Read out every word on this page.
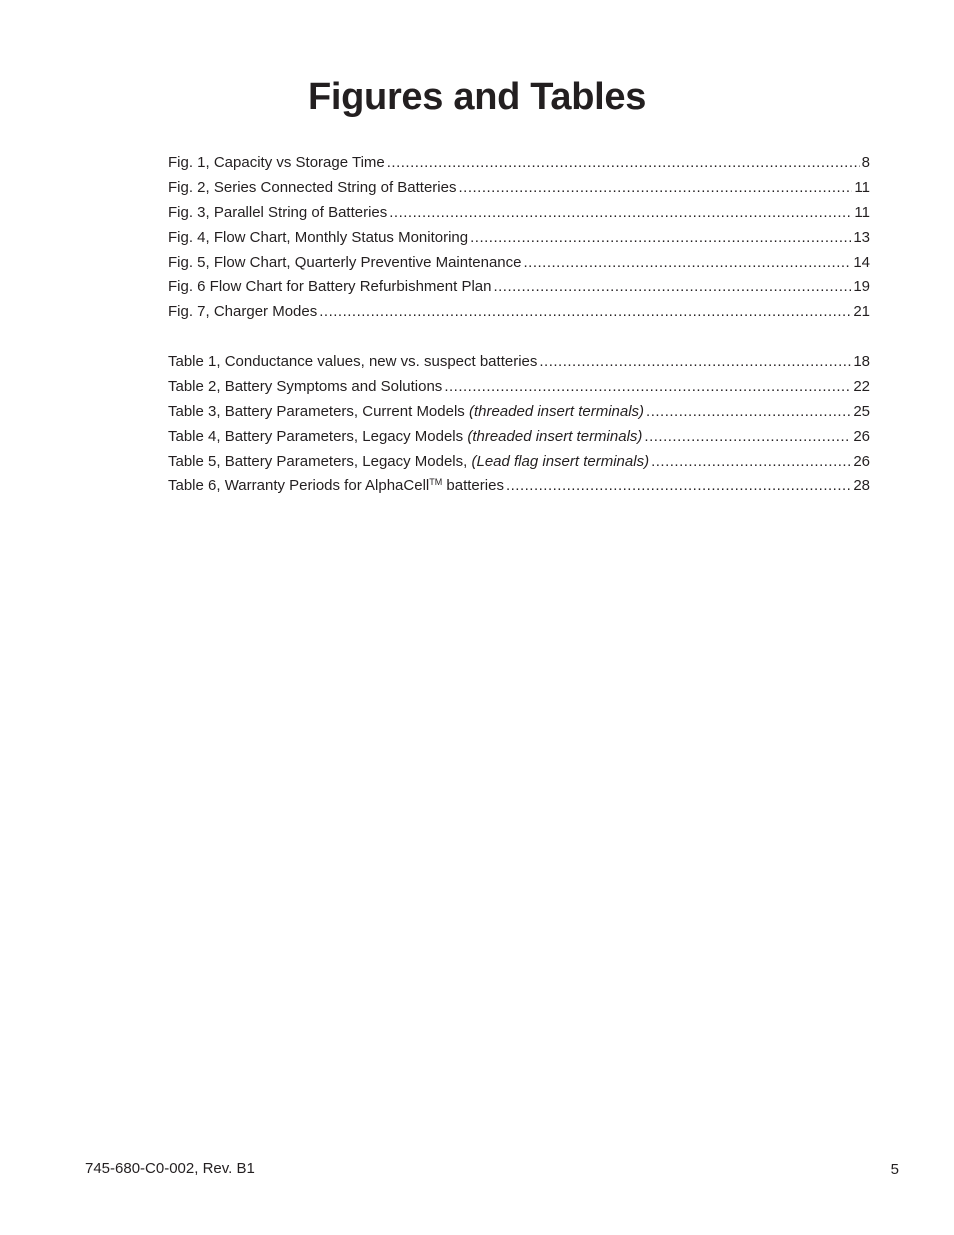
Figures and Tables
Fig. 1, Capacity vs Storage Time .....	8
Fig. 2, Series Connected String of Batteries .....	11
Fig. 3, Parallel String of Batteries .....	11
Fig. 4, Flow Chart, Monthly Status Monitoring .....	13
Fig. 5, Flow Chart, Quarterly Preventive Maintenance .....	14
Fig. 6 Flow Chart for Battery Refurbishment Plan .....	19
Fig. 7, Charger Modes .....	21
Table 1, Conductance values, new vs. suspect batteries .....	18
Table 2, Battery Symptoms and Solutions .....	22
Table 3, Battery Parameters, Current Models (threaded insert terminals) .....	25
Table 4, Battery Parameters, Legacy Models (threaded insert terminals) .....	26
Table 5, Battery Parameters, Legacy Models, (Lead flag insert terminals) .....	26
Table 6, Warranty Periods for AlphaCell™ batteries .....	28
745-680-C0-002, Rev. B1	5
